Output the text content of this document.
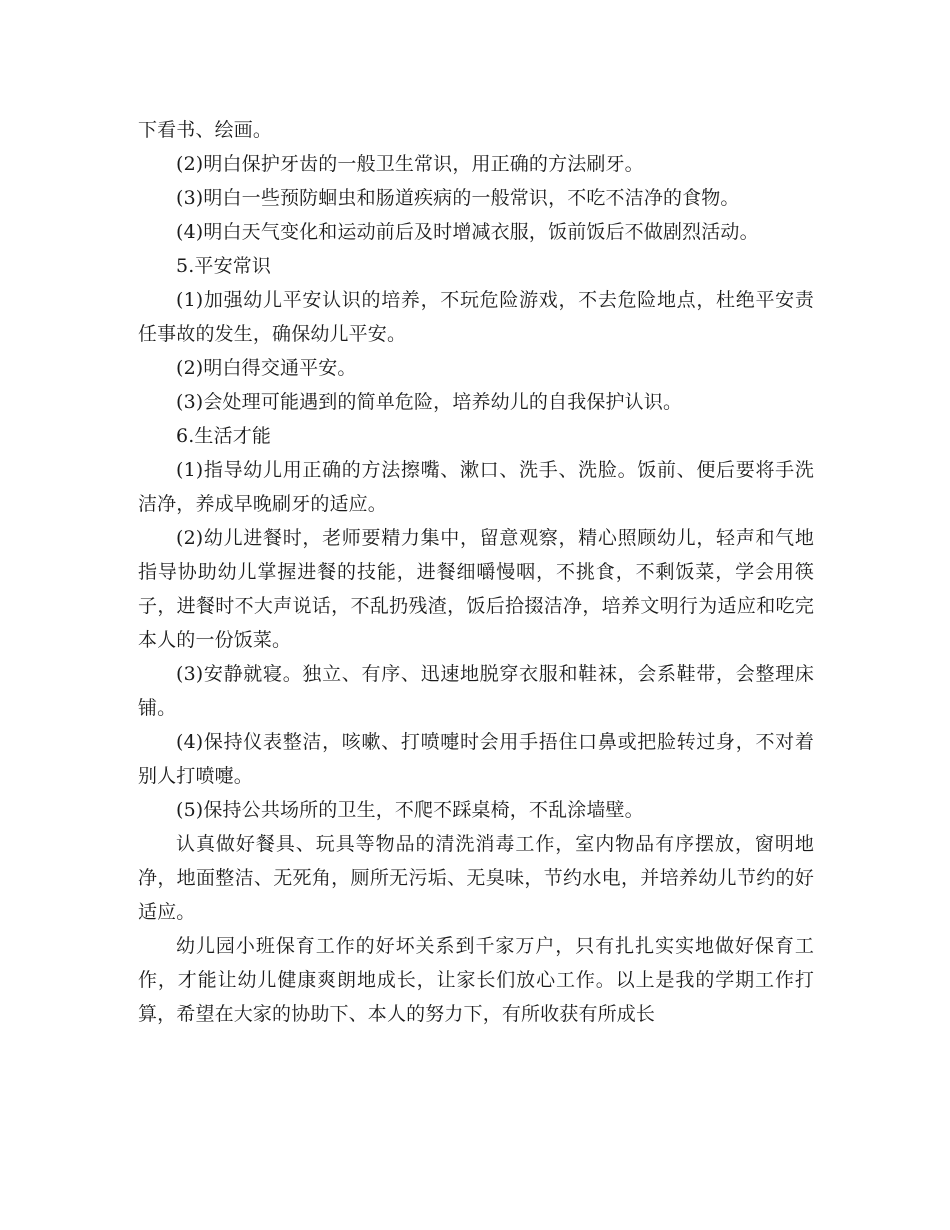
下看书、绘画。

(2)明白保护牙齿的一般卫生常识，用正确的方法刷牙。

(3)明白一些预防蛔虫和肠道疾病的一般常识，不吃不洁净的食物。

(4)明白天气变化和运动前后及时增减衣服，饭前饭后不做剧烈活动。

5.平安常识

(1)加强幼儿平安认识的培养，不玩危险游戏，不去危险地点，杜绝平安责任事故的发生，确保幼儿平安。

(2)明白得交通平安。

(3)会处理可能遇到的简单危险，培养幼儿的自我保护认识。

6.生活才能

(1)指导幼儿用正确的方法擦嘴、漱口、洗手、洗脸。饭前、便后要将手洗洁净，养成早晚刷牙的适应。

(2)幼儿进餐时，老师要精力集中，留意观察，精心照顾幼儿，轻声和气地指导协助幼儿掌握进餐的技能，进餐细嚼慢咽，不挑食，不剩饭菜，学会用筷子，进餐时不大声说话，不乱扔残渣，饭后拾掇洁净，培养文明行为适应和吃完本人的一份饭菜。

(3)安静就寝。独立、有序、迅速地脱穿衣服和鞋袜，会系鞋带，会整理床铺。

(4)保持仪表整洁，咳嗽、打喷嚏时会用手捂住口鼻或把脸转过身，不对着别人打喷嚏。

(5)保持公共场所的卫生，不爬不踩桌椅，不乱涂墙壁。

认真做好餐具、玩具等物品的清洗消毒工作，室内物品有序摆放，窗明地净，地面整洁、无死角，厕所无污垢、无臭味，节约水电，并培养幼儿节约的好适应。

幼儿园小班保育工作的好坏关系到千家万户，只有扎扎实实地做好保育工作，才能让幼儿健康爽朗地成长，让家长们放心工作。以上是我的学期工作打算，希望在大家的协助下、本人的努力下，有所收获有所成长
